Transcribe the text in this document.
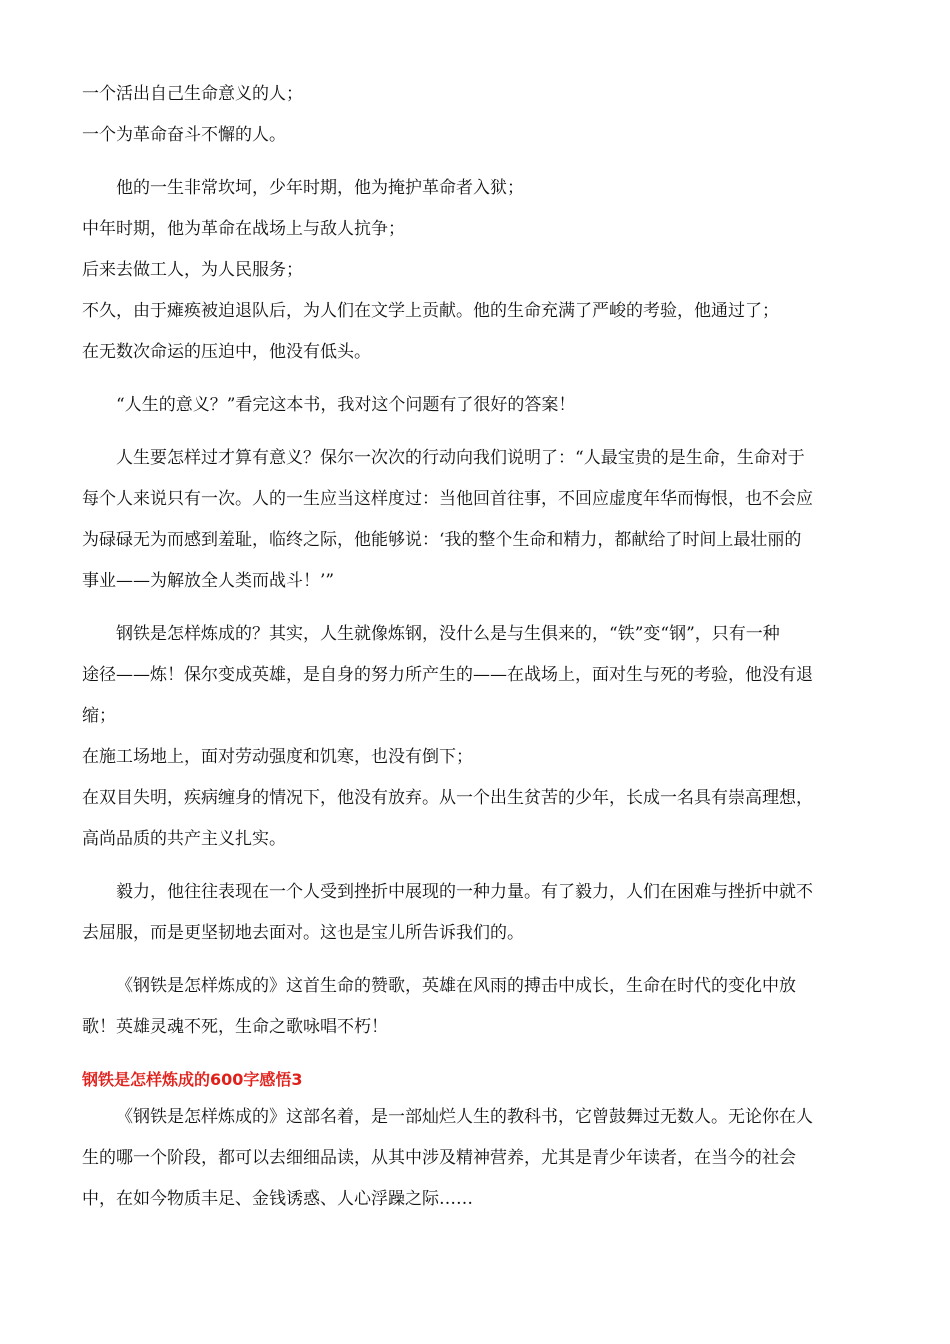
一个活出自己生命意义的人；
一个为革命奋斗不懈的人。
他的一生非常坎坷，少年时期，他为掩护革命者入狱；
中年时期，他为革命在战场上与敌人抗争；
后来去做工人，为人民服务；
不久，由于瘫痪被迫退队后，为人们在文学上贡献。他的生命充满了严峻的考验，他通过了；
在无数次命运的压迫中，他没有低头。
“人生的意义？”看完这本书，我对这个问题有了很好的答案！
人生要怎样过才算有意义？保尔一次次的行动向我们说明了：“人最宝贵的是生命，生命对于
每个人来说只有一次。人的一生应当这样度过：当他回首往事，不回应虚度年华而悔恨，也不会应
为碌碌无为而感到羞耻，临终之际，他能够说：‘我的整个生命和精力，都献给了时间上最壮丽的
事业——为解放全人类而战斗！’”
钢铁是怎样炼成的？其实，人生就像炼钢，没什么是与生俱来的，“铁”变“钢”，只有一种
途径——炼！保尔变成英雄，是自身的努力所产生的——在战场上，面对生与死的考验，他没有退
缩；
在施工场地上，面对劳动强度和饥寒，也没有倒下；
在双目失明，疾病缠身的情况下，他没有放弃。从一个出生贫苦的少年，长成一名具有崇高理想，
高尚品质的共产主义扎实。
毅力，他往往表现在一个人受到挫折中展现的一种力量。有了毅力，人们在困难与挫折中就不
去屈服，而是更坚韧地去面对。这也是宝儿所告诉我们的。
《钢铁是怎样炼成的》这首生命的赞歌，英雄在风雨的搏击中成长，生命在时代的变化中放
歌！英雄灵魂不死，生命之歌咏唱不朽！
钢铁是怎样炼成的600字感悟3
《钢铁是怎样炼成的》这部名着，是一部灿烂人生的教科书，它曾鼓舞过无数人。无论你在人
生的哪一个阶段，都可以去细细品读，从其中涉及精神营养，尤其是青少年读者，在当今的社会
中，在如今物质丰足、金钱诱惑、人心浮躁之际……
